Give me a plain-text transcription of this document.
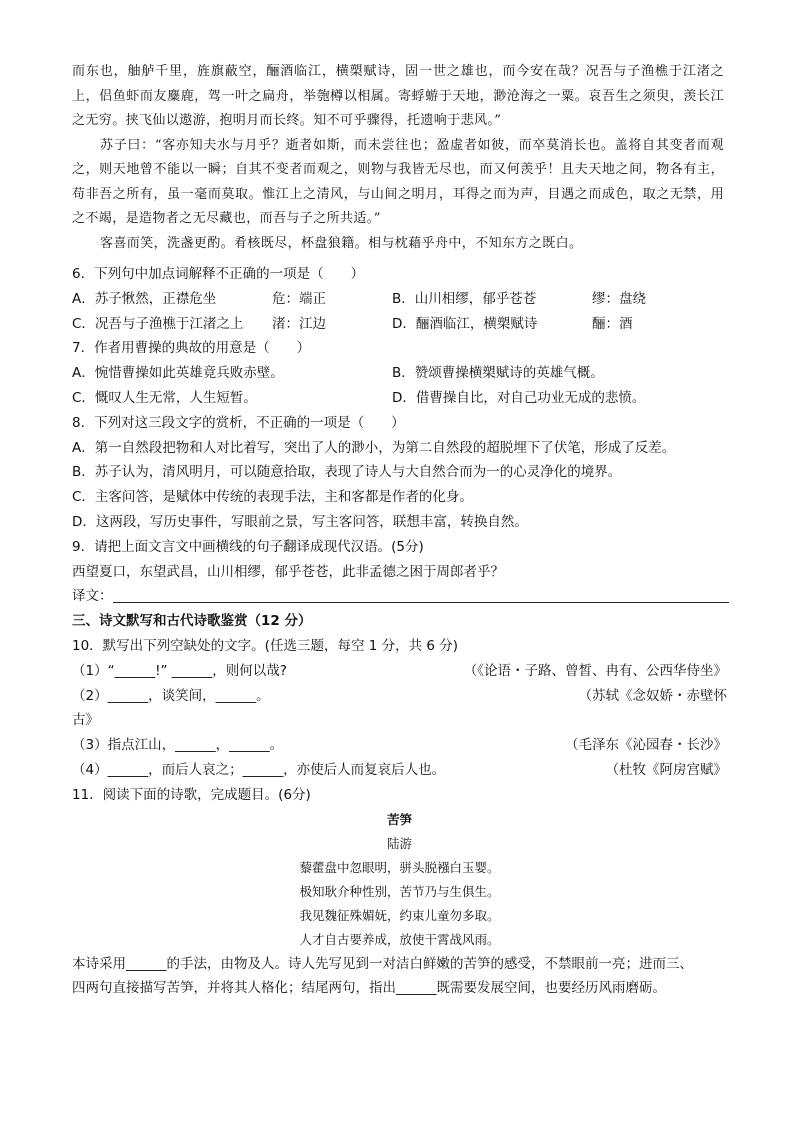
而东也，舳舻千里，旌旗蔽空，酾酒临江，横槊赋诗，固一世之雄也，而今安在哉？况吾与子渔樵于江渚之上，侣鱼虾而友麋鹿，驾一叶之扁舟，举匏樽以相属。寄蜉蝣于天地，渺沧海之一粟。哀吾生之须臾，羡长江之无穷。挟飞仙以遨游，抱明月而长终。知不可乎骤得，托遗响于悲风。”

苏子曰：“客亦知夫水与月乎？逝者如斯，而未尝往也；盈虚者如彼，而卒莫消长也。盖将自其变者而观之，则天地曾不能以一瞬；自其不变者而观之，则物与我皆无尽也，而又何羡乎！且夫天地之间，物各有主，苟非吾之所有，虽一毫而莫取。惟江上之清风，与山间之明月，耳得之而为声，目遇之而成色，取之无禁，用之不竭，是造物者之无尽藏也，而吾与子之所共适。”

客喜而笑，洗盏更酌。肴核既尽，杯盘狼籍。相与枕藉乎舟中，不知东方之既白。

6．下列句中加点词解释不正确的一项是（　　）
A．苏子愀然，正襟危坐	危：端正	B．山川相缪，郁乎苍苍	缪：盘绕
C．况吾与子渔樵于江渚之上	渚：江边	D．酾酒临江，横槊赋诗	酾：酒
7．作者用曹操的典故的用意是（　　）
A．惋惜曹操如此英雄竟兵败赤壁。	B．赞颂曹操横槊赋诗的英雄气概。
C．慨叹人生无常，人生短暂。	D．借曹操自比，对自己功业无成的悲愤。
8．下列对这三段文字的赏析，不正确的一项是（　　）
A．第一自然段把物和人对比着写，突出了人的渺小，为第二自然段的超脱埋下了伏笔，形成了反差。
B．苏子认为，清风明月，可以随意拾取，表现了诗人与大自然合而为一的心灵净化的境界。
C．主客问答，是赋体中传统的表现手法，主和客都是作者的化身。
D．这两段，写历史事件，写眼前之景，写主客问答，联想丰富，转换自然。
9．请把上面文言文中画横线的句子翻译成现代汉语。(5分)
西望夏口，东望武昌，山川相缪，郁乎苍苍，此非孟德之困于周郎者乎？
译文：
三、诗文默写和古代诗歌鉴赏（12 分）
10．默写出下列空缺处的文字。(任选三题，每空 1 分，共 6 分)
（1）“______!” ______，则何以哉?	（《论语・子路、曾皙、冉有、公西华侍坐》
（2）______，谈笑间，______。	（苏轼《念奴娇・赤壁怀
古》
（3）指点江山，______，______。	（毛泽东《沁园春・长沙》
（4）______，而后人哀之；______，亦使后人而复哀后人也。	（杜牧《阿房宫赋》
11．阅读下面的诗歌，完成题目。(6分)
苦笋
陆游
藜藿盘中忽眼明，骈头脱襁白玉婴。
极知耿介种性别，苦节乃与生俱生。
我见魏征殊媚妩，约束儿童勿多取。
人才自古要养成，放使干霄战风雨。
本诗采用______的手法，由物及人。诗人先写见到一对洁白鲜嫩的苦笋的感受，不禁眼前一亮；进而三、
四两句直接描写苦笋，并将其人格化；结尾两句，指出______既需要发展空间，也要经历风雨磨砺。
